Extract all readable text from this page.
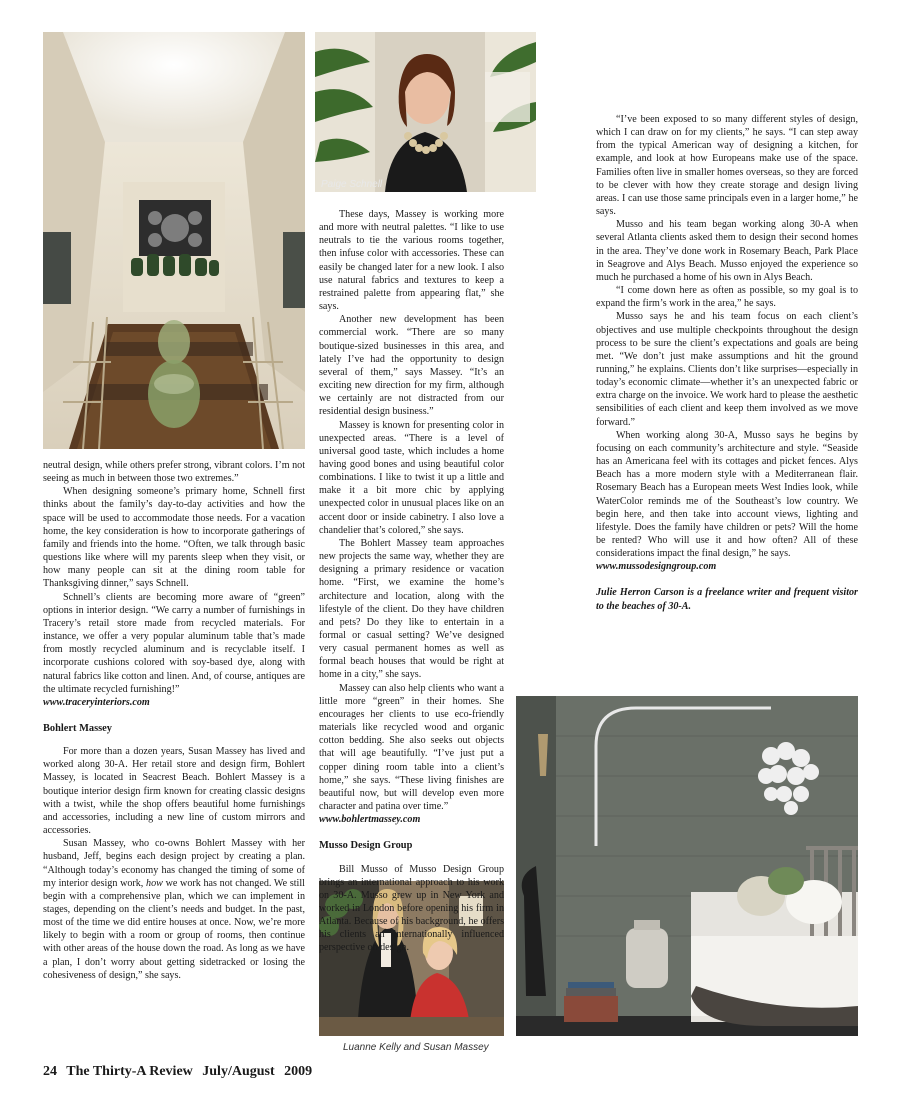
Paige Schnell
Luanne Kelly and Susan Massey

neutral design, while others prefer strong, vibrant colors. I’m not seeing as much in between those two extremes.”

When designing someone’s primary home, Schnell first thinks about the family’s day-to-day activities and how the space will be used to accommodate those needs. For a vacation home, the key consideration is how to incorporate gatherings of family and friends into the home. “Often, we talk through basic questions like where will my parents sleep when they visit, or how many people can sit at the dining room table for Thanksgiving dinner,” says Schnell.

Schnell’s clients are becoming more aware of “green” options in interior design. “We carry a number of furnishings in Tracery’s retail store made from recycled materials. For instance, we offer a very popular aluminum table that’s made from mostly recycled aluminum and is recyclable itself. I incorporate cushions colored with soy-based dye, along with natural fabrics like cotton and linen. And, of course, antiques are the ultimate recycled furnishing!”

www.traceryinteriors.com

Bohlert Massey

For more than a dozen years, Susan Massey has lived and worked along 30-A. Her retail store and design firm, Bohlert Massey, is located in Seacrest Beach. Bohlert Massey is a boutique interior design firm known for creating classic designs with a twist, while the shop offers beautiful home furnishings and accessories, including a new line of custom mirrors and accessories.

Susan Massey, who co-owns Bohlert Massey with her husband, Jeff, begins each design project by creating a plan. “Although today’s economy has changed the timing of some of my interior design work, how we work has not changed. We still begin with a comprehensive plan, which we can implement in stages, depending on the client’s needs and budget. In the past, most of the time we did entire houses at once. Now, we’re more likely to begin with a room or group of rooms, then continue with other areas of the house down the road. As long as we have a plan, I don’t worry about getting sidetracked or losing the cohesiveness of design,” she says.

These days, Massey is working more and more with neutral palettes. “I like to use neutrals to tie the various rooms together, then infuse color with accessories. These can easily be changed later for a new look. I also use natural fabrics and textures to keep a restrained palette from appearing flat,” she says.

Another new development has been commercial work. “There are so many boutique-sized businesses in this area, and lately I’ve had the opportunity to design several of them,” says Massey. “It’s an exciting new direction for my firm, although we certainly are not distracted from our residential design business.”

Massey is known for presenting color in unexpected areas. “There is a level of universal good taste, which includes a home having good bones and using beautiful color combinations. I like to twist it up a little and make it a bit more chic by applying unexpected color in unusual places like on an accent door or inside cabinetry. I also love a chandelier that’s colored,” she says.

The Bohlert Massey team approaches new projects the same way, whether they are designing a primary residence or vacation home. “First, we examine the home’s architecture and location, along with the lifestyle of the client. Do they have children and pets? Do they like to entertain in a formal or casual setting? We’ve designed very casual permanent homes as well as formal beach houses that would be right at home in a city,” she says.

Massey can also help clients who want a little more “green” in their homes. She encourages her clients to use eco-friendly materials like recycled wood and organic cotton bedding. She also seeks out objects that will age beautifully. “I’ve just put a copper dining room table into a client’s home,” she says. “These living finishes are beautiful now, but will develop even more character and patina over time.”

www.bohlertmassey.com

Musso Design Group

Bill Musso of Musso Design Group brings an international approach to his work on 30-A. Musso grew up in New York and worked in London before opening his firm in Atlanta. Because of his background, he offers his clients an internationally influenced perspective on design.

“I’ve been exposed to so many different styles of design, which I can draw on for my clients,” he says. “I can step away from the typical American way of designing a kitchen, for example, and look at how Europeans make use of the space. Families often live in smaller homes overseas, so they are forced to be clever with how they create storage and design living areas. I can use those same principals even in a larger home,” he says.

Musso and his team began working along 30-A when several Atlanta clients asked them to design their second homes in the area. They’ve done work in Rosemary Beach, Park Place in Seagrove and Alys Beach. Musso enjoyed the experience so much he purchased a home of his own in Alys Beach.

“I come down here as often as possible, so my goal is to expand the firm’s work in the area,” he says.

Musso says he and his team focus on each client’s objectives and use multiple checkpoints throughout the design process to be sure the client’s expectations and goals are being met. “We don’t just make assumptions and hit the ground running,” he explains. Clients don’t like surprises—especially in today’s economic climate—whether it’s an unexpected fabric or extra charge on the invoice. We work hard to please the aesthetic sensibilities of each client and keep them involved as we move forward.”

When working along 30-A, Musso says he begins by focusing on each community’s architecture and style. “Seaside has an Americana feel with its cottages and picket fences. Alys Beach has a more modern style with a Mediterranean flair. Rosemary Beach has a European meets West Indies look, while WaterColor reminds me of the Southeast’s low country. We begin here, and then take into account views, lighting and lifestyle. Does the family have children or pets? Will the home be rented? Who will use it and how often? All of these considerations impact the final design,” he says.

www.mussodesigngroup.com

Julie Herron Carson is a freelance writer and frequent visitor to the beaches of 30-A.

24 The Thirty-A Review July/August 2009
